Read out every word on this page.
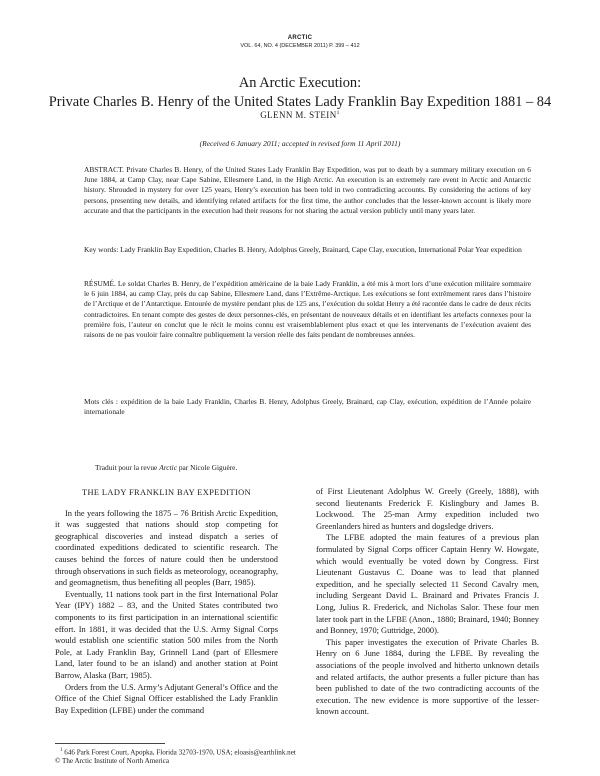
ARCTIC
VOL. 64, NO. 4 (DECEMBER 2011) P. 399 – 412
An Arctic Execution:
Private Charles B. Henry of the United States Lady Franklin Bay Expedition 1881 – 84
GLENN M. STEIN$^1$
(Received 6 January 2011; accepted in revised form 11 April 2011)

ABSTRACT. Private Charles B. Henry, of the United States Lady Franklin Bay Expedition, was put to death by a summary military execution on 6 June 1884, at Camp Clay, near Cape Sabine, Ellesmere Land, in the High Arctic. An execution is an extremely rare event in Arctic and Antarctic history. Shrouded in mystery for over 125 years, Henry’s execution has been told in two contradicting accounts. By considering the actions of key persons, presenting new details, and identifying related artifacts for the first time, the author concludes that the lesser-known account is likely more accurate and that the participants in the execution had their reasons for not sharing the actual version publicly until many years later.

Key words: Lady Franklin Bay Expedition, Charles B. Henry, Adolphus Greely, Brainard, Cape Clay, execution, International Polar Year expedition

RÉSUMÉ. Le soldat Charles B. Henry, de l’expédition américaine de la baie Lady Franklin, a été mis à mort lors d’une exécution militaire sommaire le 6 juin 1884, au camp Clay, près du cap Sabine, Ellesmere Land, dans l’Extrême-Arctique. Les exécutions se font extrêmement rares dans l’histoire de l’Arctique et de l’Antarctique. Entourée de mystère pendant plus de 125 ans, l’exécution du soldat Henry a été racontée dans le cadre de deux récits contradictoires. En tenant compte des gestes de deux personnes-clés, en présentant de nouveaux détails et en identifiant les artefacts connexes pour la première fois, l’auteur en conclut que le récit le moins connu est vraisemblablement plus exact et que les intervenants de l’exécution avaient des raisons de ne pas vouloir faire connaître publiquement la version réelle des faits pendant de nombreuses années.

Mots clés : expédition de la baie Lady Franklin, Charles B. Henry, Adolphus Greely, Brainard, cap Clay, exécution, expédition de l’Année polaire internationale

Traduit pour la revue Arctic par Nicole Giguère.
THE LADY FRANKLIN BAY EXPEDITION

In the years following the 1875 – 76 British Arctic Expedition, it was suggested that nations should stop competing for geographical discoveries and instead dispatch a series of coordinated expeditions dedicated to scientific research. The causes behind the forces of nature could then be understood through observations in such fields as meteorology, oceanography, and geomagnetism, thus benefiting all peoples (Barr, 1985).

Eventually, 11 nations took part in the first International Polar Year (IPY) 1882 – 83, and the United States contributed two components to its first participation in an international scientific effort. In 1881, it was decided that the U.S. Army Signal Corps would establish one scientific station 500 miles from the North Pole, at Lady Franklin Bay, Grinnell Land (part of Ellesmere Land, later found to be an island) and another station at Point Barrow, Alaska (Barr, 1985).

Orders from the U.S. Army’s Adjutant General’s Office and the Office of the Chief Signal Officer established the Lady Franklin Bay Expedition (LFBE) under the command

of First Lieutenant Adolphus W. Greely (Greely, 1888), with second lieutenants Frederick F. Kislingbury and James B. Lockwood. The 25-man Army expedition included two Greenlanders hired as hunters and dogsledge drivers.

The LFBE adopted the main features of a previous plan formulated by Signal Corps officer Captain Henry W. Howgate, which would eventually be voted down by Congress. First Lieutenant Gustavus C. Doane was to lead that planned expedition, and he specially selected 11 Second Cavalry men, including Sergeant David L. Brainard and Privates Francis J. Long, Julius R. Frederick, and Nicholas Salor. These four men later took part in the LFBE (Anon., 1880; Brainard, 1940; Bonney and Bonney, 1970; Guttridge, 2000).

This paper investigates the execution of Private Charles B. Henry on 6 June 1884, during the LFBE. By revealing the associations of the people involved and hitherto unknown details and related artifacts, the author presents a fuller picture than has been published to date of the two contradicting accounts of the execution. The new evidence is more supportive of the lesser-known account.

$^1$ 646 Park Forest Court, Apopka, Florida 32703-1970, USA; eloasis@earthlink.net
© The Arctic Institute of North America
